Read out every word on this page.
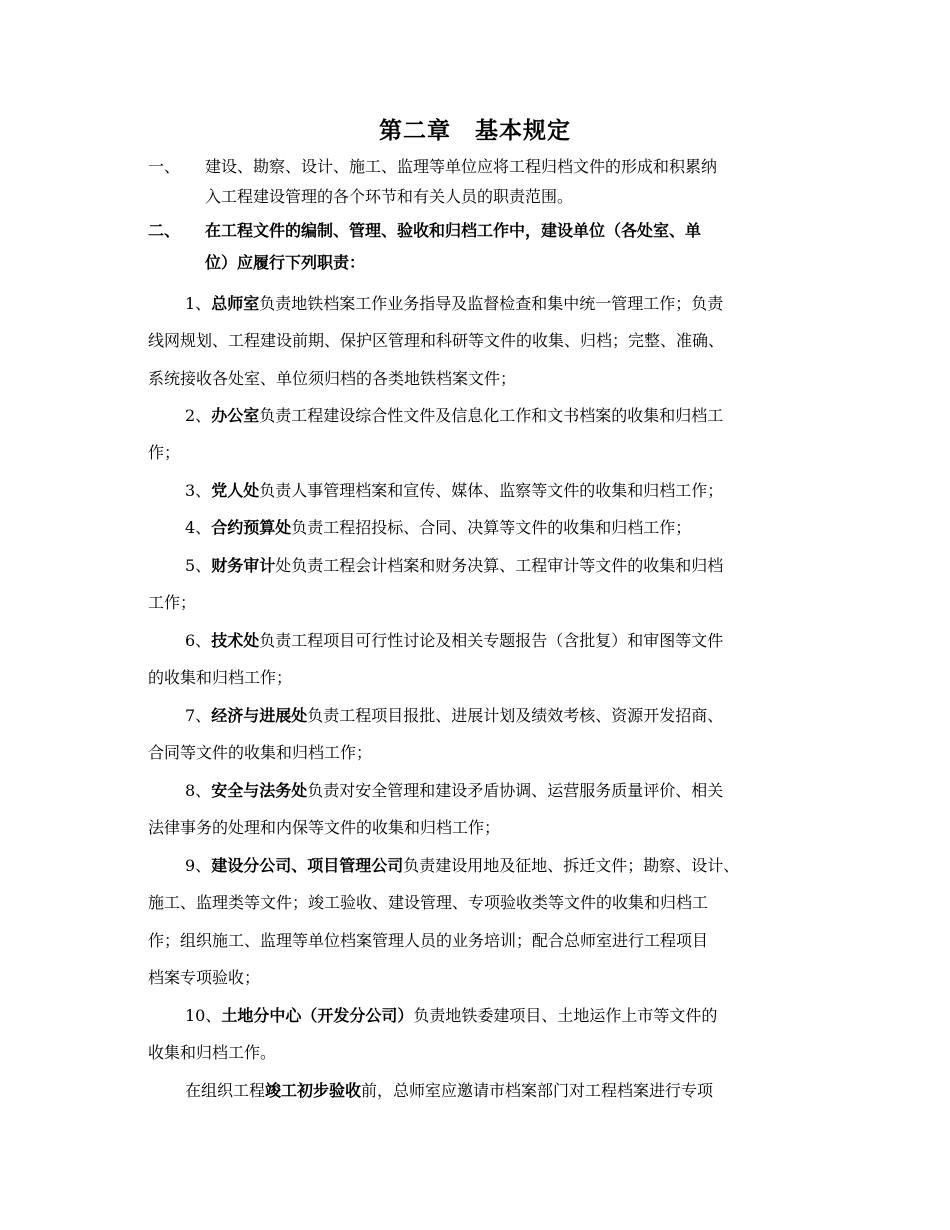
第二章　基本规定
一、 建设、勘察、设计、施工、监理等单位应将工程归档文件的形成和积累纳
入工程建设管理的各个环节和有关人员的职责范围。
二、 在工程文件的编制、管理、验收和归档工作中，建设单位（各处室、单
位）应履行下列职责：
1、总师室负责地铁档案工作业务指导及监督检查和集中统一管理工作；负责
线网规划、工程建设前期、保护区管理和科研等文件的收集、归档；完整、准确、
系统接收各处室、单位须归档的各类地铁档案文件；
2、办公室负责工程建设综合性文件及信息化工作和文书档案的收集和归档工
作；
3、党人处负责人事管理档案和宣传、媒体、监察等文件的收集和归档工作；
4、合约预算处负责工程招投标、合同、决算等文件的收集和归档工作；
5、财务审计处负责工程会计档案和财务决算、工程审计等文件的收集和归档
工作；
6、技术处负责工程项目可行性讨论及相关专题报告（含批复）和审图等文件
的收集和归档工作；
7、经济与进展处负责工程项目报批、进展计划及绩效考核、资源开发招商、
合同等文件的收集和归档工作；
8、安全与法务处负责对安全管理和建设矛盾协调、运营服务质量评价、相关
法律事务的处理和内保等文件的收集和归档工作；
9、建设分公司、项目管理公司负责建设用地及征地、拆迁文件；勘察、设计、
施工、监理类等文件；竣工验收、建设管理、专项验收类等文件的收集和归档工
作；组织施工、监理等单位档案管理人员的业务培训；配合总师室进行工程项目
档案专项验收；
10、土地分中心（开发分公司）负责地铁委建项目、土地运作上市等文件的
收集和归档工作。
在组织工程竣工初步验收前，总师室应邀请市档案部门对工程档案进行专项
